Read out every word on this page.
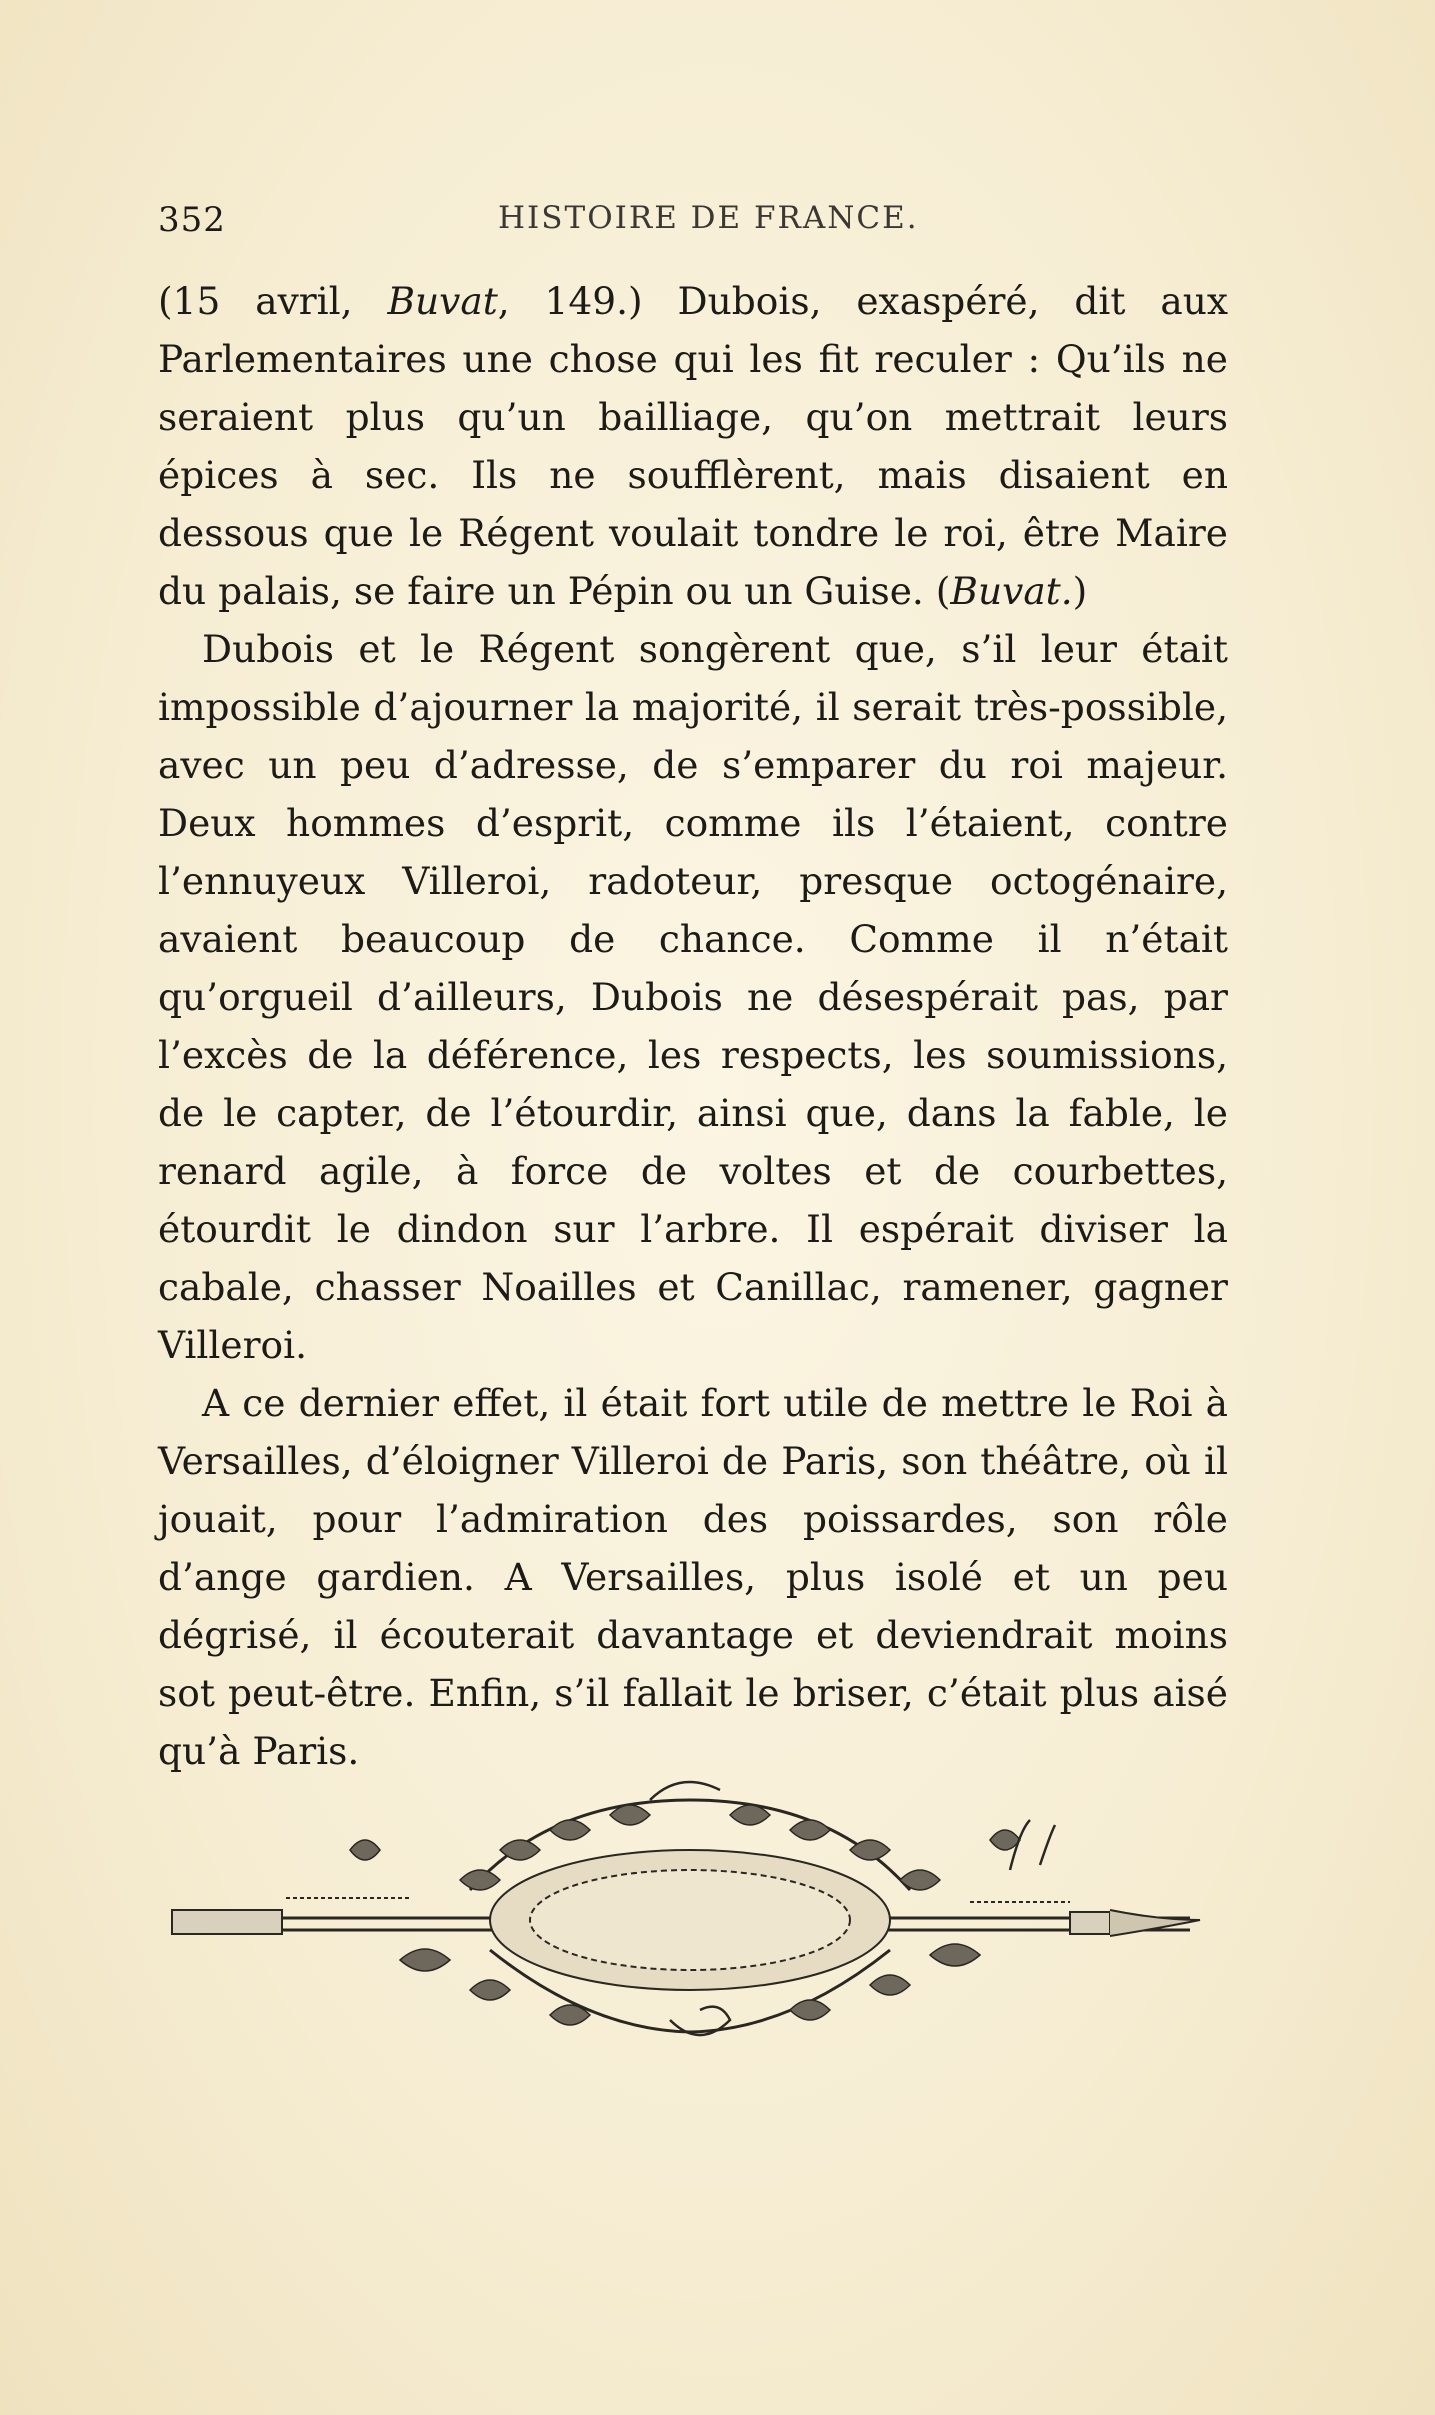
352	HISTOIRE DE FRANCE.

(15 avril, Buvat, 149.) Dubois, exaspéré, dit aux Parlementaires une chose qui les fit reculer : Qu’ils ne seraient plus qu’un bailliage, qu’on mettrait leurs épices à sec. Ils ne soufflèrent, mais disaient en dessous que le Régent voulait tondre le roi, être Maire du palais, se faire un Pépin ou un Guise. (Buvat.)

Dubois et le Régent songèrent que, s’il leur était impossible d’ajourner la majorité, il serait très-possible, avec un peu d’adresse, de s’emparer du roi majeur. Deux hommes d’esprit, comme ils l’étaient, contre l’ennuyeux Villeroi, radoteur, presque octogénaire, avaient beaucoup de chance. Comme il n’était qu’orgueil d’ailleurs, Dubois ne désespérait pas, par l’excès de la déférence, les respects, les soumissions, de le capter, de l’étourdir, ainsi que, dans la fable, le renard agile, à force de voltes et de courbettes, étourdit le dindon sur l’arbre. Il espérait diviser la cabale, chasser Noailles et Canillac, ramener, gagner Villeroi.

A ce dernier effet, il était fort utile de mettre le Roi à Versailles, d’éloigner Villeroi de Paris, son théâtre, où il jouait, pour l’admiration des poissardes, son rôle d’ange gardien. A Versailles, plus isolé et un peu dégrisé, il écouterait davantage et deviendrait moins sot peut-être. Enfin, s’il fallait le briser, c’était plus aisé qu’à Paris.
